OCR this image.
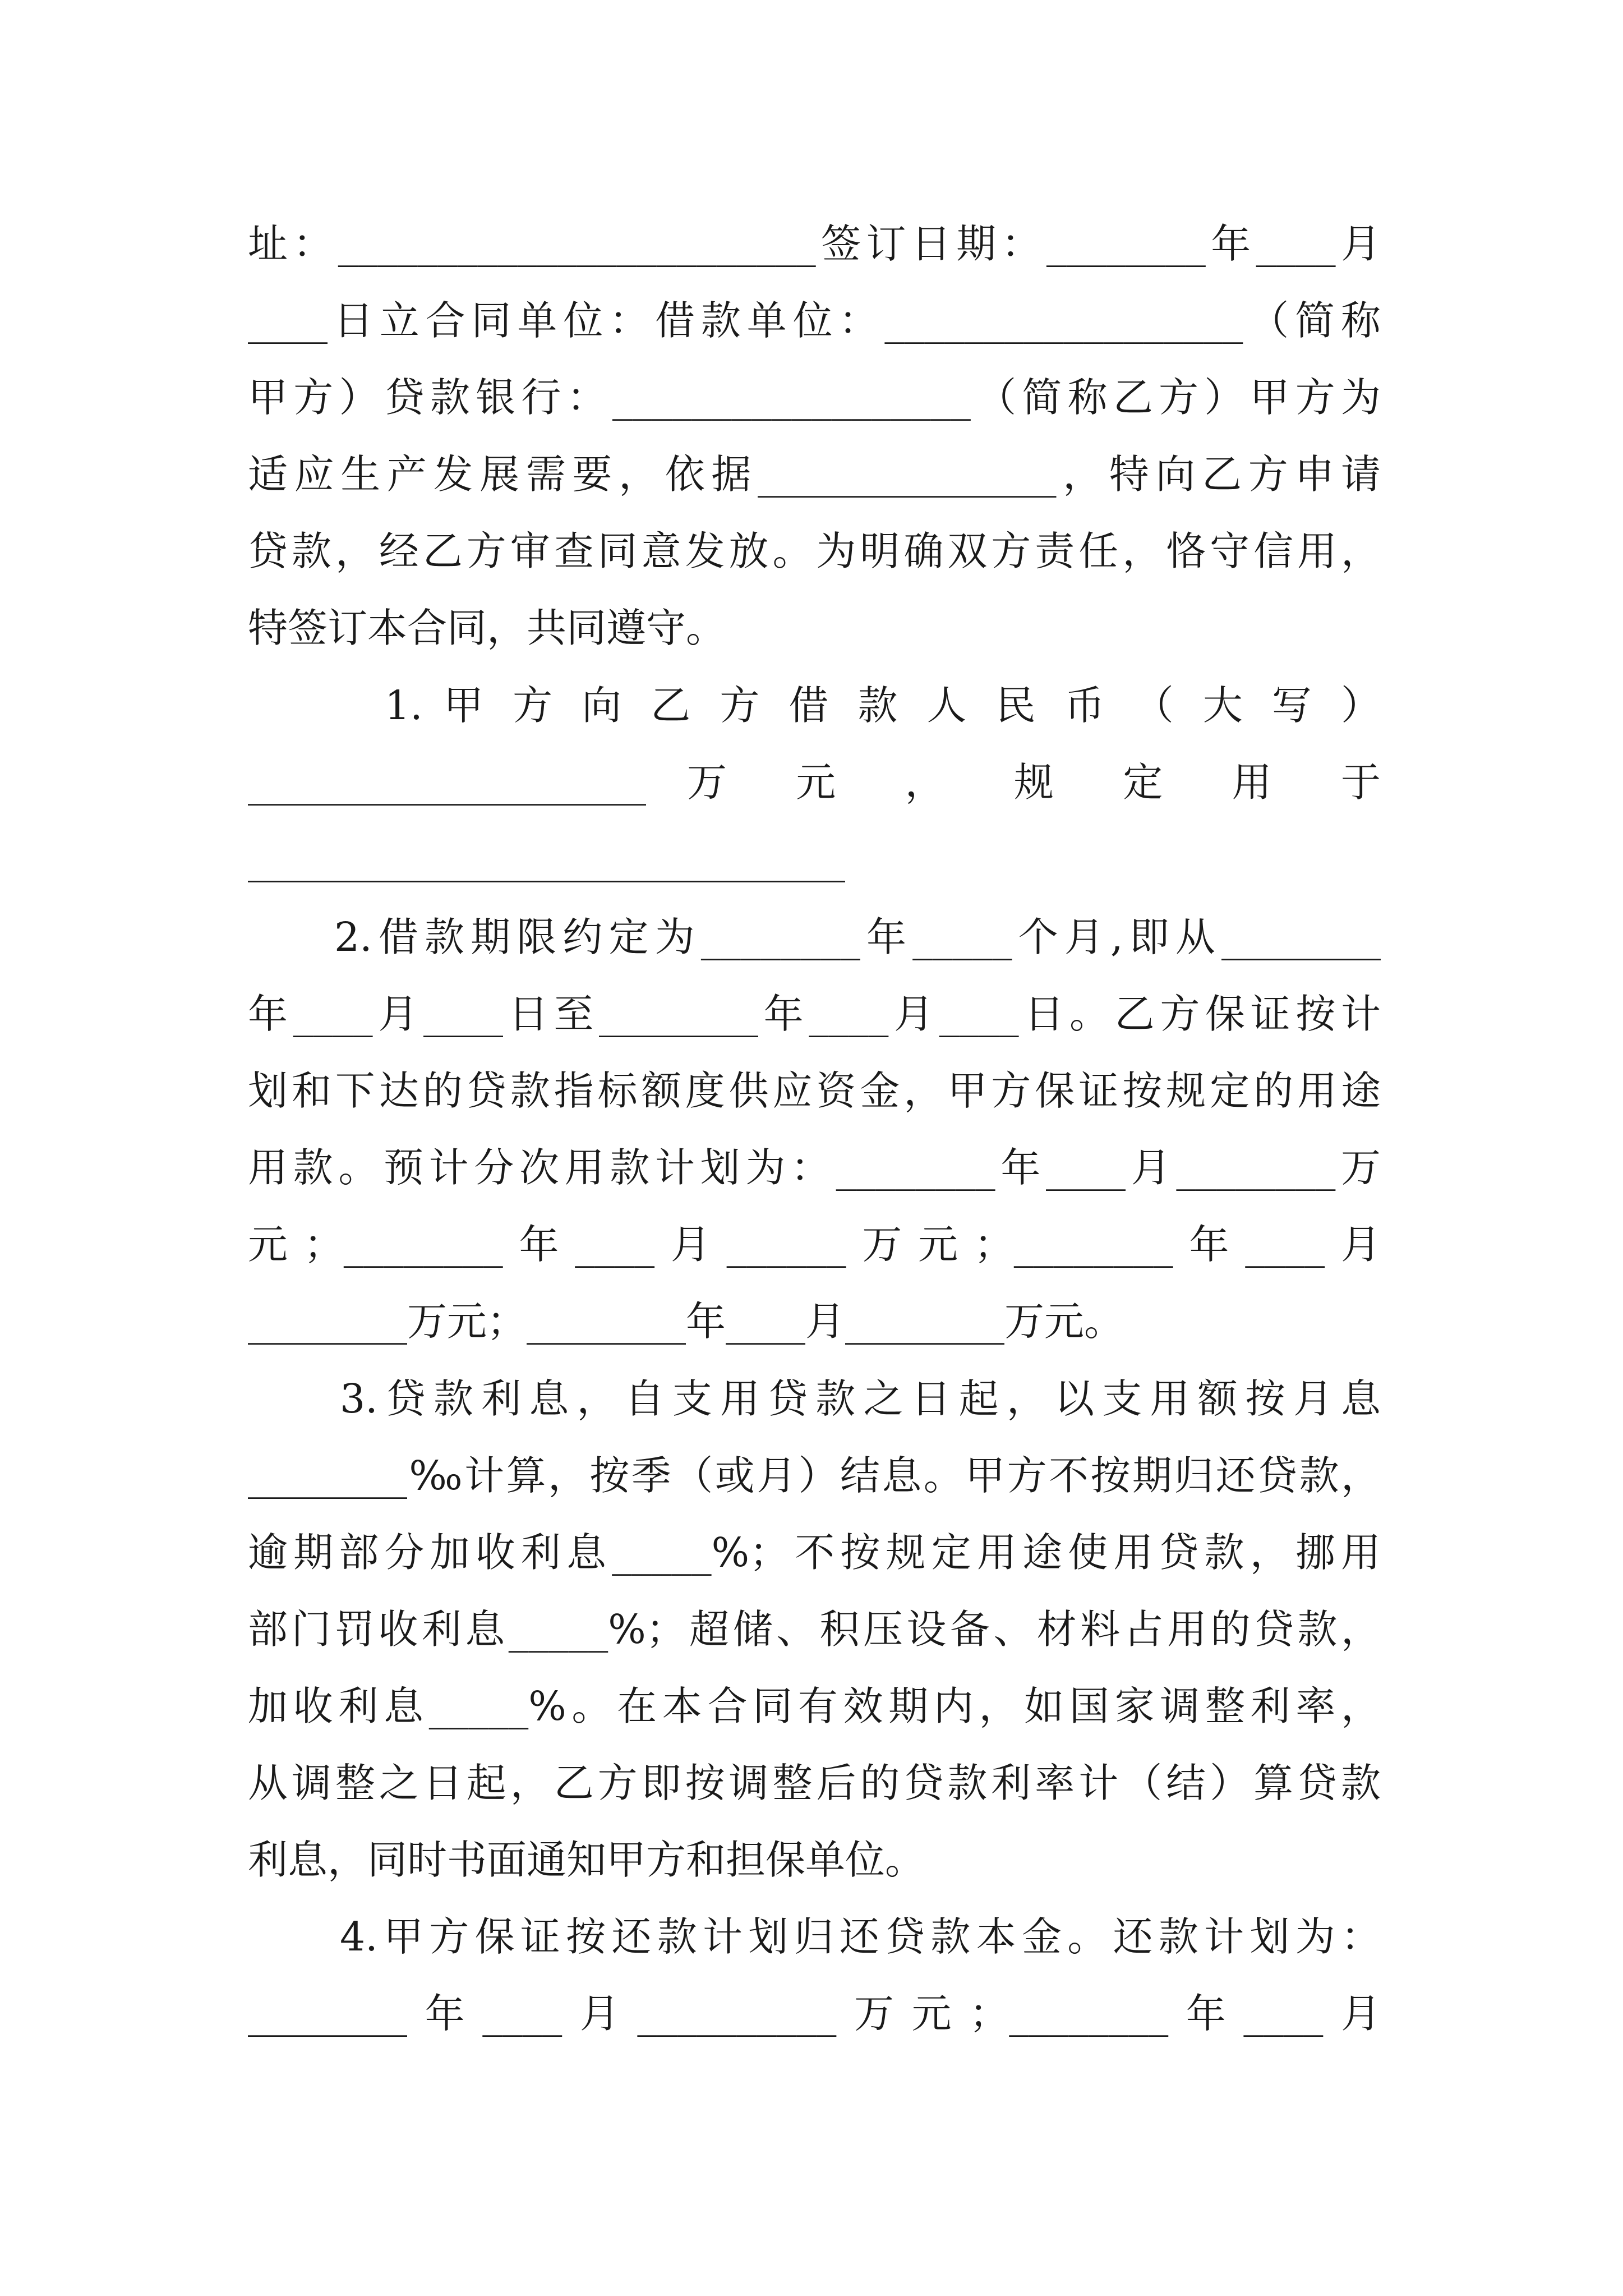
址：________________________签订日期：________年____月
____日立合同单位：借款单位：__________________（简称
甲方）贷款银行：__________________（简称乙方）甲方为
适应生产发展需要，依据_______________，特向乙方申请
贷款，经乙方审查同意发放。为明确双方责任，恪守信用，
特签订本合同，共同遵守。
1. 甲 方 向 乙 方 借 款 人 民 币 （ 大 写 ）
____________________ 万 元 ， 规 定 用 于
______________________________
2.借款期限约定为________年_____个月,即从________
年____月____日至________年____月____日。乙方保证按计
划和下达的贷款指标额度供应资金，甲方保证按规定的用途
用款。预计分次用款计划为：________年____月________万
元；________年____月______万元；________年____月
________万元；________年____月________万元。
3.贷款利息，自支用贷款之日起，以支用额按月息
________‰计算，按季（或月）结息。甲方不按期归还贷款，
逾期部分加收利息_____%；不按规定用途使用贷款，挪用
部门罚收利息_____%；超储、积压设备、材料占用的贷款，
加收利息_____%。在本合同有效期内，如国家调整利率，
从调整之日起，乙方即按调整后的贷款利率计（结）算贷款
利息，同时书面通知甲方和担保单位。
4.甲方保证按还款计划归还贷款本金。还款计划为：
________年____月__________万元；________年____月
